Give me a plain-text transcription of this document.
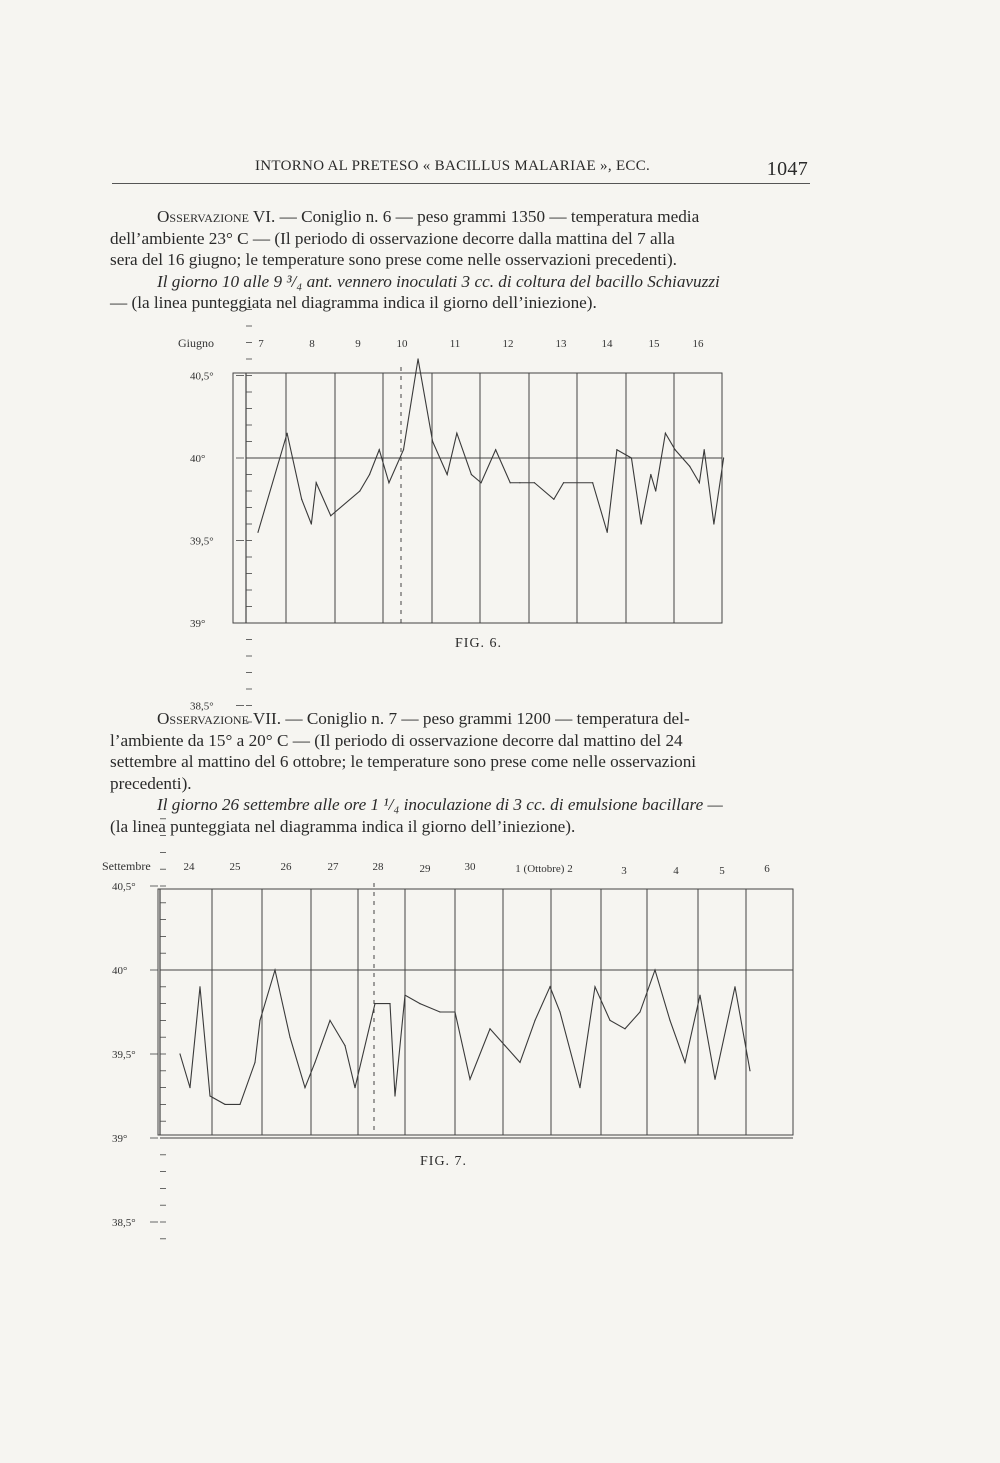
INTORNO AL PRETESO « BACILLUS MALARIAE », ECC.	1047

Osservazione VI. — Coniglio n. 6 — peso grammi 1350 — temperatura media

dell’ambiente 23° C — (Il periodo di osservazione decorre dalla mattina del 7 alla

sera del 16 giugno; le temperature sono prese come nelle osservazioni precedenti).

Il giorno 10 alle 9 ³/₄ ant. vennero inoculati 3 cc. di coltura del bacillo Schiavuzzi

— (la linea punteggiata nel diagramma indica il giorno dell’iniezione).

Osservazione VII. — Coniglio n. 7 — peso grammi 1200 — temperatura del-

l’ambiente da 15° a 20° C — (Il periodo di osservazione decorre dal mattino del 24

settembre al mattino del 6 ottobre; le temperature sono prese come nelle osservazioni

precedenti).

Il giorno 26 settembre alle ore 1 ¹/₄ inoculazione di 3 cc. di emulsione bacillare —

(la linea punteggiata nel diagramma indica il giorno dell’iniezione).

40,5°
40°
39,5°
39°
38,5°
Giugno	7	8	9	10	11	12	13	14	15	16
40,5°
40°
39,5°
39°
38,5°
Settembre	24	25	26	27	28	29	30	1 (Ottobre) 2	3	4	5	6
FIG. 6.
FIG. 7.
